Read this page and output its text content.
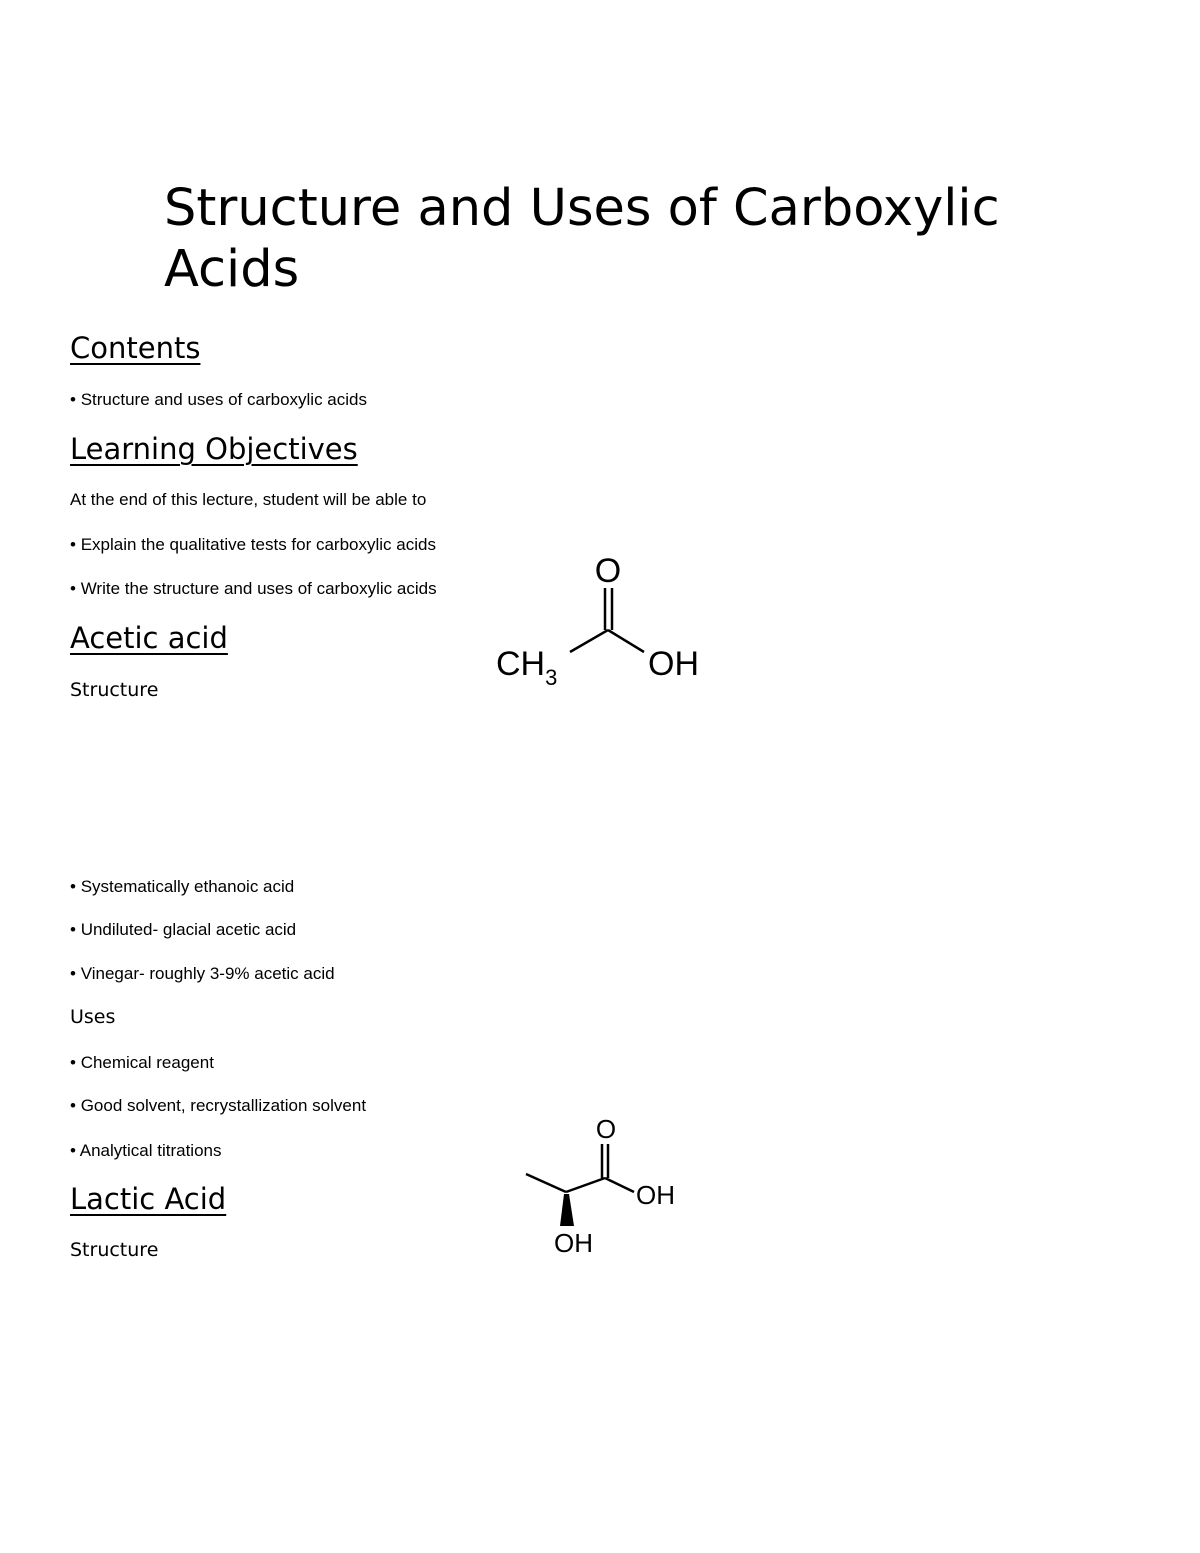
Structure and Uses of Carboxylic Acids
Contents

• Structure and uses of carboxylic acids

Learning Objectives

At the end of this lecture, student will be able to

• Explain the qualitative tests for carboxylic acids

• Write the structure and uses of carboxylic acids	O
$CH_3$	OH
Acetic acid

Structure

• Systematically ethanoic acid

• Undiluted- glacial acetic acid

• Vinegar- roughly 3-9% acetic acid

Uses

• Chemical reagent

• Good solvent, recrystallization solvent

• Analytical titrations

O
OH
OH
Lactic Acid

Structure
